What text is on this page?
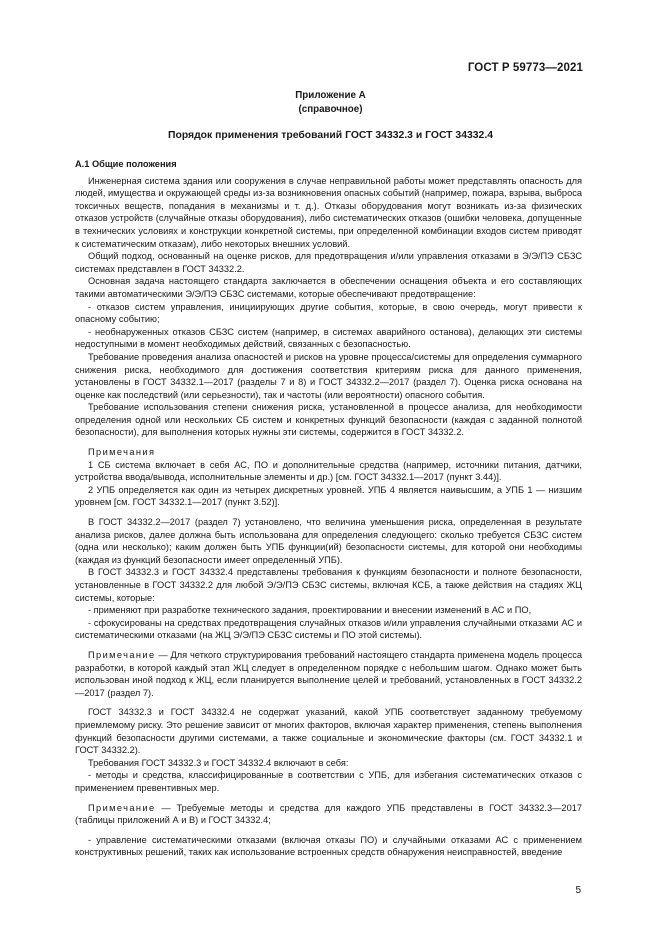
ГОСТ Р 59773—2021
Приложение А
(справочное)
Порядок применения требований ГОСТ 34332.3 и ГОСТ 34332.4

А.1 Общие положения

Инженерная система здания или сооружения в случае неправильной работы может представлять опасность для людей, имущества и окружающей среды из-за возникновения опасных событий (например, пожара, взрыва, выброса токсичных веществ, попадания в механизмы и т. д.). Отказы оборудования могут возникать из-за физических отказов устройств (случайные отказы оборудования), либо систематических отказов (ошибки человека, допущенные в технических условиях и конструкции конкретной системы, при определенной комбинации входов систем приводят к систематическим отказам), либо некоторых внешних условий.

Общий подход, основанный на оценке рисков, для предотвращения и/или управления отказами в Э/Э/ПЭ СБЗС системах представлен в ГОСТ 34332.2.

Основная задача настоящего стандарта заключается в обеспечении оснащения объекта и его составляющих такими автоматическими Э/Э/ПЭ СБЗС системами, которые обеспечивают предотвращение:

- отказов систем управления, инициирующих другие события, которые, в свою очередь, могут привести к опасному событию;

- необнаруженных отказов СБЗС систем (например, в системах аварийного останова), делающих эти системы недоступными в момент необходимых действий, связанных с безопасностью.

Требование проведения анализа опасностей и рисков на уровне процесса/системы для определения суммарного снижения риска, необходимого для достижения соответствия критериям риска для данного применения, установлены в ГОСТ 34332.1—2017 (разделы 7 и 8) и ГОСТ 34332.2—2017 (раздел 7). Оценка риска основана на оценке как последствий (или серьезности), так и частоты (или вероятности) опасного события.

Требование использования степени снижения риска, установленной в процессе анализа, для необходимости определения одной или нескольких СБ систем и конкретных функций безопасности (каждая с заданной полнотой безопасности), для выполнения которых нужны эти системы, содержится в ГОСТ 34332.2.

Примечания

1 СБ система включает в себя АС, ПО и дополнительные средства (например, источники питания, датчики, устройства ввода/вывода, исполнительные элементы и др.) [см. ГОСТ 34332.1—2017 (пункт 3.44)].

2 УПБ определяется как один из четырех дискретных уровней. УПБ 4 является наивысшим, а УПБ 1 — низшим уровнем [см. ГОСТ 34332.1—2017 (пункт 3.52)].

В ГОСТ 34332.2—2017 (раздел 7) установлено, что величина уменьшения риска, определенная в результате анализа рисков, далее должна быть использована для определения следующего: сколько требуется СБЗС систем (одна или несколько); каким должен быть УПБ функции(ий) безопасности системы, для которой они необходимы (каждая из функций безопасности имеет определенный УПБ).

В ГОСТ 34332.3 и ГОСТ 34332.4 представлены требования к функциям безопасности и полноте безопасности, установленные в ГОСТ 34332.2 для любой Э/Э/ПЭ СБЗС системы, включая КСБ, а также действия на стадиях ЖЦ системы, которые:

- применяют при разработке технического задания, проектировании и внесении изменений в АС и ПО,

- сфокусированы на средствах предотвращения случайных отказов и/или управления случайными отказами АС и систематическими отказами (на ЖЦ Э/Э/ПЭ СБЗС системы и ПО этой системы).

Примечание — Для четкого структурирования требований настоящего стандарта применена модель процесса разработки, в которой каждый этап ЖЦ следует в определенном порядке с небольшим шагом. Однако может быть использован иной подход к ЖЦ, если планируется выполнение целей и требований, установленных в ГОСТ 34332.2—2017 (раздел 7).

ГОСТ 34332.3 и ГОСТ 34332.4 не содержат указаний, какой УПБ соответствует заданному требуемому приемлемому риску. Это решение зависит от многих факторов, включая характер применения, степень выполнения функций безопасности другими системами, а также социальные и экономические факторы (см. ГОСТ 34332.1 и ГОСТ 34332.2).

Требования ГОСТ 34332.3 и ГОСТ 34332.4 включают в себя:

- методы и средства, классифицированные в соответствии с УПБ, для избегания систематических отказов с применением превентивных мер.

Примечание — Требуемые методы и средства для каждого УПБ представлены в ГОСТ 34332.3—2017 (таблицы приложений А и В) и ГОСТ 34332.4;

- управление систематическими отказами (включая отказы ПО) и случайными отказами АС с применением конструктивных решений, таких как использование встроенных средств обнаружения неисправностей, введение

5
